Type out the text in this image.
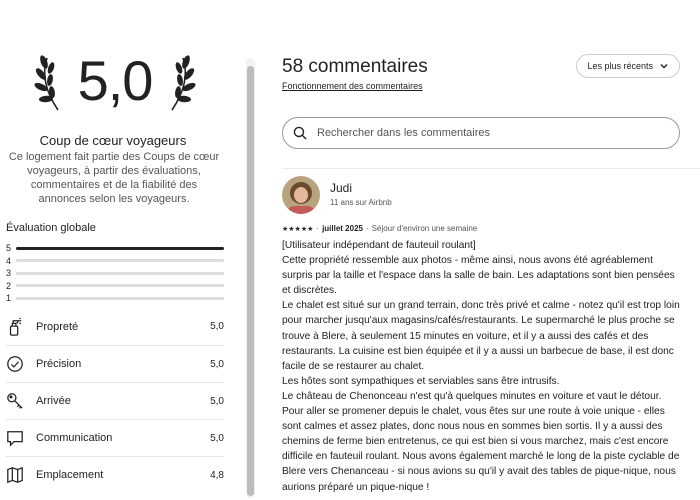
5,0
Coup de cœur voyageurs
Ce logement fait partie des Coups de cœur voyageurs, à partir des évaluations, commentaires et de la fiabilité des annonces selon les voyageurs.
Évaluation globale
5
4
3
2
1
Propreté	5,0
Précision	5,0
Arrivée	5,0
Communication	5,0
Emplacement	4,8
58 commentaires
Fonctionnement des commentaires
Les plus récents
Rechercher dans les commentaires
Judi
11 ans sur Airbnb
★★★★★ · juillet 2025 · Séjour d'environ une semaine

[Utilisateur indépendant de fauteuil roulant]

Cette propriété ressemble aux photos - même ainsi, nous avons été agréablement surpris par la taille et l'espace dans la salle de bain. Les adaptations sont bien pensées et discrètes.

Le chalet est situé sur un grand terrain, donc très privé et calme - notez qu'il est trop loin pour marcher jusqu'aux magasins/cafés/restaurants. Le supermarché le plus proche se trouve à Blere, à seulement 15 minutes en voiture, et il y a aussi des cafés et des restaurants. La cuisine est bien équipée et il y a aussi un barbecue de base, il est donc facile de se restaurer au chalet.

Les hôtes sont sympathiques et serviables sans être intrusifs.

Le château de Chenonceau n'est qu'à quelques minutes en voiture et vaut le détour. Pour aller se promener depuis le chalet, vous êtes sur une route à voie unique - elles sont calmes et assez plates, donc nous nous en sommes bien sortis. Il y a aussi des chemins de ferme bien entretenus, ce qui est bien si vous marchez, mais c'est encore difficile en fauteuil roulant. Nous avons également marché le long de la piste cyclable de Blere vers Chenanceau - si nous avions su qu'il y avait des tables de pique-nique, nous aurions préparé un pique-nique !
